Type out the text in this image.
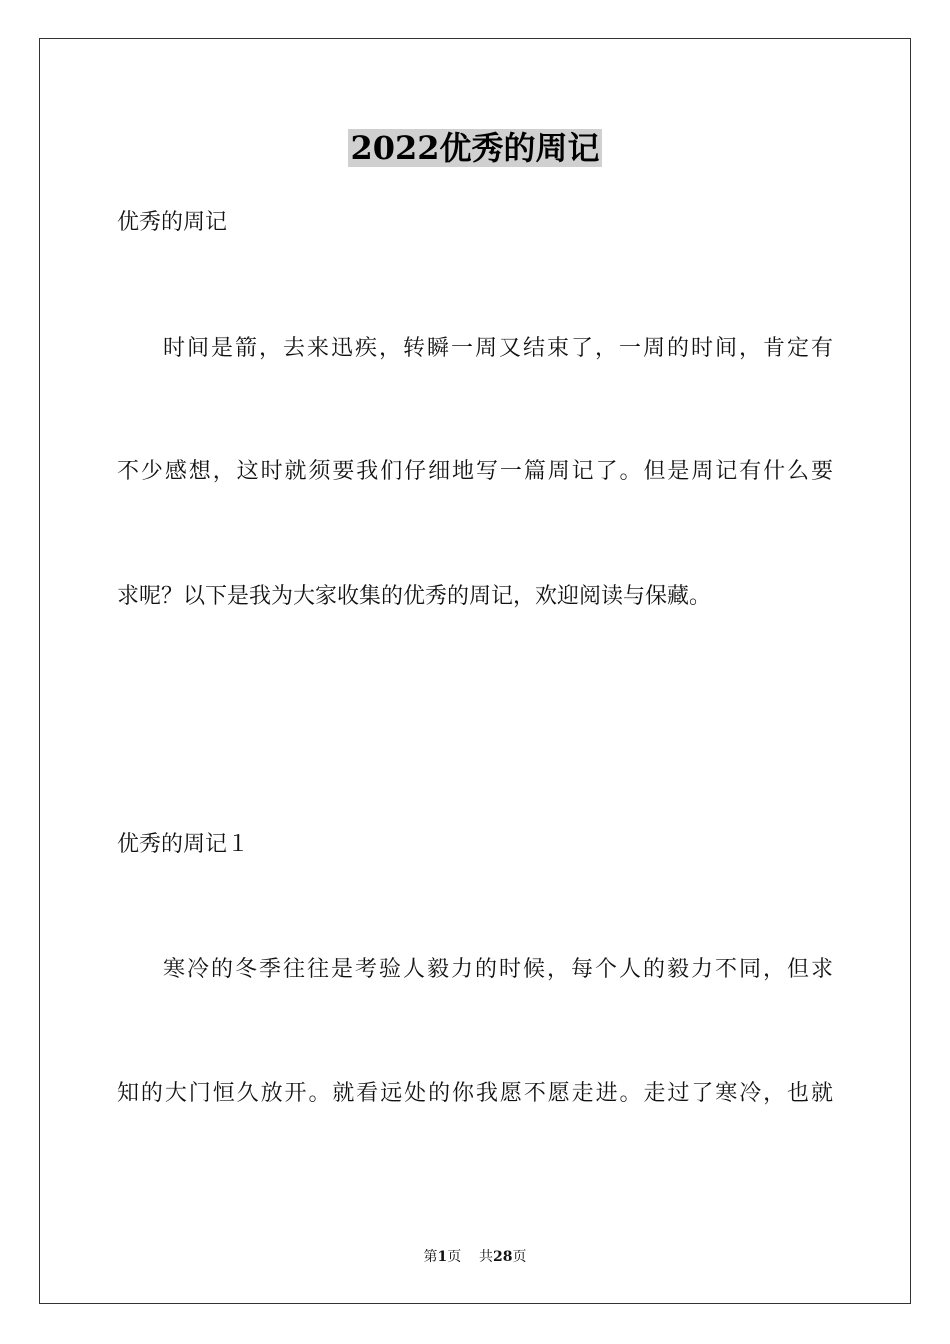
2022优秀的周记
优秀的周记
时间是箭，去来迅疾，转瞬一周又结束了，一周的时间，肯定有
不少感想，这时就须要我们仔细地写一篇周记了。但是周记有什么要
求呢？以下是我为大家收集的优秀的周记，欢迎阅读与保藏。
优秀的周记１
寒冷的冬季往往是考验人毅力的时候，每个人的毅力不同，但求
知的大门恒久放开。就看远处的你我愿不愿走进。走过了寒冷，也就
第1页 共28页
